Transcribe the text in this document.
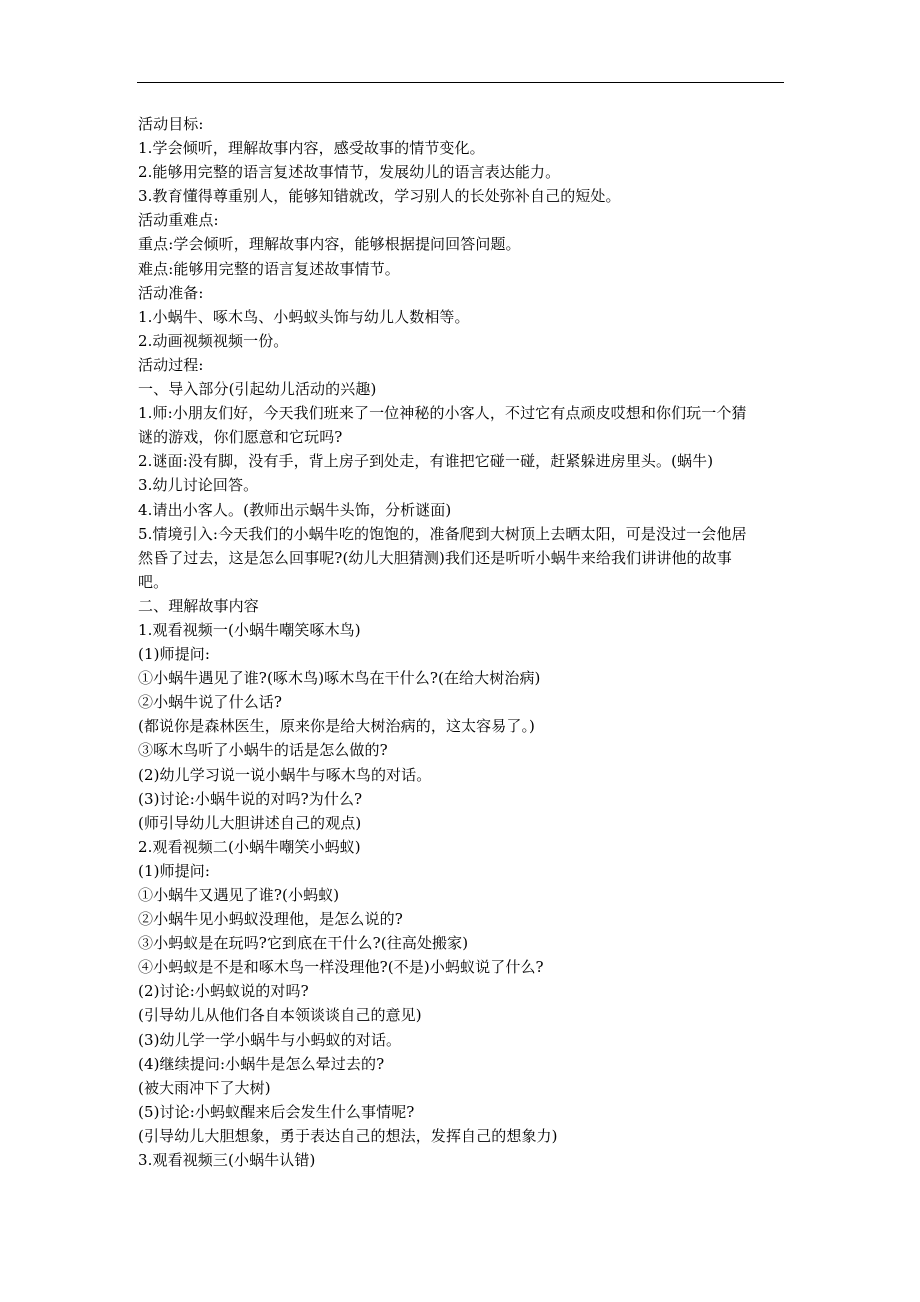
活动目标:
1.学会倾听，理解故事内容，感受故事的情节变化。
2.能够用完整的语言复述故事情节，发展幼儿的语言表达能力。
3.教育懂得尊重别人，能够知错就改，学习别人的长处弥补自己的短处。
活动重难点:
重点:学会倾听，理解故事内容，能够根据提问回答问题。
难点:能够用完整的语言复述故事情节。
活动准备:
1.小蜗牛、啄木鸟、小蚂蚁头饰与幼儿人数相等。
2.动画视频视频一份。
活动过程:
一、导入部分(引起幼儿活动的兴趣)
1.师:小朋友们好，今天我们班来了一位神秘的小客人，不过它有点顽皮哎想和你们玩一个猜
谜的游戏，你们愿意和它玩吗?
2.谜面:没有脚，没有手，背上房子到处走，有谁把它碰一碰，赶紧躲进房里头。(蜗牛)
3.幼儿讨论回答。
4.请出小客人。(教师出示蜗牛头饰，分析谜面)
5.情境引入:今天我们的小蜗牛吃的饱饱的，准备爬到大树顶上去晒太阳，可是没过一会他居
然昏了过去，这是怎么回事呢?(幼儿大胆猜测)我们还是听听小蜗牛来给我们讲讲他的故事
吧。
二、理解故事内容
1.观看视频一(小蜗牛嘲笑啄木鸟)
(1)师提问:
①小蜗牛遇见了谁?(啄木鸟)啄木鸟在干什么?(在给大树治病)
②小蜗牛说了什么话?
(都说你是森林医生，原来你是给大树治病的，这太容易了。)
③啄木鸟听了小蜗牛的话是怎么做的?
(2)幼儿学习说一说小蜗牛与啄木鸟的对话。
(3)讨论:小蜗牛说的对吗?为什么?
(师引导幼儿大胆讲述自己的观点)
2.观看视频二(小蜗牛嘲笑小蚂蚁)
(1)师提问:
①小蜗牛又遇见了谁?(小蚂蚁)
②小蜗牛见小蚂蚁没理他，是怎么说的?
③小蚂蚁是在玩吗?它到底在干什么?(往高处搬家)
④小蚂蚁是不是和啄木鸟一样没理他?(不是)小蚂蚁说了什么?
(2)讨论:小蚂蚁说的对吗?
(引导幼儿从他们各自本领谈谈自己的意见)
(3)幼儿学一学小蜗牛与小蚂蚁的对话。
(4)继续提问:小蜗牛是怎么晕过去的?
(被大雨冲下了大树)
(5)讨论:小蚂蚁醒来后会发生什么事情呢?
(引导幼儿大胆想象，勇于表达自己的想法，发挥自己的想象力)
3.观看视频三(小蜗牛认错)
